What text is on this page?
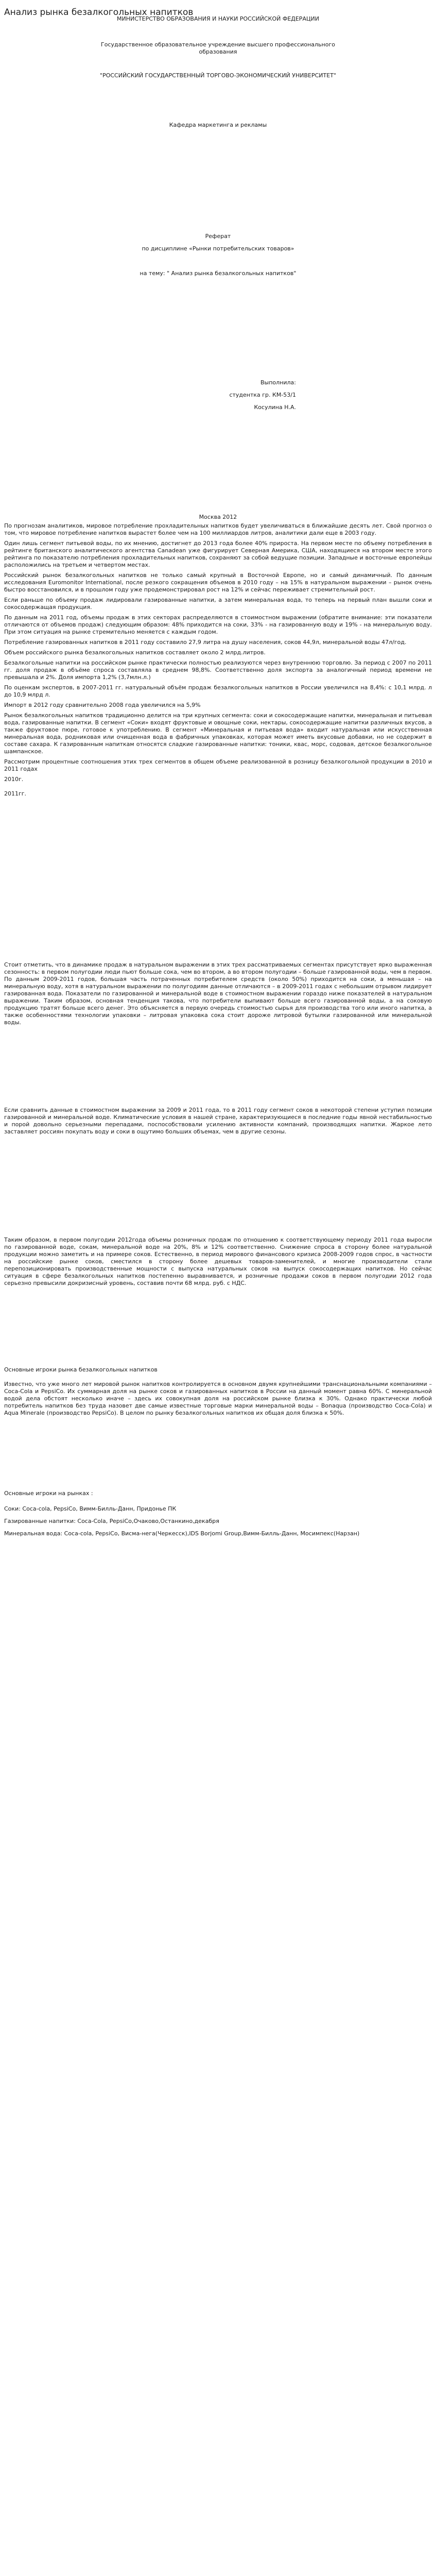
Анализ рынка безалкогольных напитков
МИНИСТЕРСТВО ОБРАЗОВАНИЯ И НАУКИ РОССИЙСКОЙ ФЕДЕРАЦИИ
Государственное образовательное учреждение высшего профессионального
образования
"РОССИЙСКИЙ ГОСУДАРСТВЕННЫЙ ТОРГОВО-ЭКОНОМИЧЕСКИЙ УНИВЕРСИТЕТ"
Кафедра маркетинга и рекламы
Реферат
по дисциплине «Рынки потребительских товаров»
на тему: " Анализ рынка безалкогольных напитков"
Выполнила:
студентка гр. КМ-53/1
Косулина Н.А.
Москва 2012

По прогнозам аналитиков, мировое потребление прохладительных напитков будет увеличиваться в ближайшие десять лет. Свой прогноз о том, что мировое потребление напитков вырастет более чем на 100 миллиардов литров, аналитики дали еще в 2003 году.

Один лишь сегмент питьевой воды, по их мнению, достигнет до 2013 года более 40% прироста. На первом месте по объему потребления в рейтинге британского аналитического агентства Canadean уже фигурирует Северная Америка, США, находящиеся на втором месте этого рейтинга по показателю потребления прохладительных напитков, сохраняют за собой ведущие позиции. Западные и восточные европейцы расположились на третьем и четвертом местах.

Российский рынок безалкогольных напитков не только самый крупный в Восточной Европе, но и самый динамичный. По данным исследования Euromonitor International, после резкого сокращения объемов в 2010 году – на 15% в натуральном выражении – рынок очень быстро восстановился, и в прошлом году уже продемонстрировал рост на 12% и сейчас переживает стремительный рост.

Если раньше по объему продаж лидировали газированные напитки, а затем минеральная вода, то теперь на первый план вышли соки и сокосодержащая продукция.

По данным на 2011 год, объемы продаж в этих секторах распределяются в стоимостном выражении (обратите внимание: эти показатели отличаются от объемов продаж) следующим образом: 48% приходится на соки, 33% - на газированную воду и 19% - на минеральную воду. При этом ситуация на рынке стремительно меняется с каждым годом.

Потребление газированных напитков в 2011 году составило 27,9 литра на душу населения, соков 44,9л, минеральной воды 47л/год.

Объем российского рынка безалкогольных напитков составляет около 2 млрд.литров.

Безалкогольные напитки на российском рынке практически полностью реализуются через внутреннюю торговлю. За период с 2007 по 2011 гг. доля продаж в объёме спроса составляла в среднем 98,8%. Соответственно доля экспорта за аналогичный период времени не превышала и 2%. Доля импорта 1,2% (3,7млн.л.)

По оценкам экспертов, в 2007-2011 гг. натуральный объём продаж безалкогольных напитков в России увеличился на 8,4%: с 10,1 млрд. л до 10,9 млрд л.

Импорт в 2012 году сравнительно 2008 года увеличился на 5,9%

Рынок безалкогольных напитков традиционно делится на три крупных сегмента: соки и сокосодержащие напитки, минеральная и питьевая вода, газированные напитки. В сегмент «Соки» входят фруктовые и овощные соки, нектары, сокосодержащие напитки различных вкусов, а также фруктовое пюре, готовое к употреблению. В сегмент «Минеральная и питьевая вода» входит натуральная или искусственная минеральная вода, родниковая или очищенная вода в фабричных упаковках, которая может иметь вкусовые добавки, но не содержит в составе сахара. К газированным напиткам относятся сладкие газированные напитки: тоники, квас, морс, содовая, детское безалкогольное шампанское.

Рассмотрим процентные соотношения этих трех сегментов в общем объеме реализованной в розницу безалкогольной продукции в 2010 и 2011 годах

2010г.

2011гг.

Стоит отметить, что в динамике продаж в натуральном выражении в этих трех рассматриваемых сегментах присутствует ярко выраженная сезонность: в первом полугодии люди пьют больше сока, чем во втором, а во втором полугодии – больше газированной воды, чем в первом. По данным 2009-2011 годов, большая часть потраченных потребителем средств (около 50%) приходится на соки, а меньшая – на минеральную воду, хотя в натуральном выражении по полугодиям данные отличаются – в 2009-2011 годах с небольшим отрывом лидирует газированная вода. Показатели по газированной и минеральной воде в стоимостном выражении гораздо ниже показателей в натуральном выражении. Таким образом, основная тенденция такова, что потребители выпивают больше всего газированной воды, а на соковую продукцию тратят больше всего денег. Это объясняется в первую очередь стоимостью сырья для производства того или иного напитка, а также особенностями технологии упаковки – литровая упаковка сока стоит дороже литровой бутылки газированной или минеральной воды.
Если сравнить данные в стоимостном выражении за 2009 и 2011 года, то в 2011 году сегмент соков в некоторой степени уступил позиции газированной и минеральной воде. Климатические условия в нашей стране, характеризующиеся в последние годы явной нестабильностью и порой довольно серьезными перепадами, поспособствовали усилению активности компаний, производящих напитки. Жаркое лето заставляет россиян покупать воду и соки в ощутимо больших объемах, чем в другие сезоны.
Таким образом, в первом полугодии 2012года объемы розничных продаж по отношению к соответствующему периоду 2011 года выросли по газированной воде, сокам, минеральной воде на 20%, 8% и 12% соответственно. Снижение спроса в сторону более натуральной продукции можно заметить и на примере соков. Естественно, в период мирового финансового кризиса 2008-2009 годов спрос, в частности на российские рынке соков, сместился в сторону более дешевых товаров-заменителей, и многие производители стали перепозиционировать производственные мощности с выпуска натуральных соков на выпуск сокосодержащих напитков. Но сейчас ситуация в сфере безалкогольных напитков постепенно выравнивается, и розничные продажи соков в первом полугодии 2012 года серьезно превысили докризисный уровень, составив почти 68 млрд. руб. с НДС.
Основные игроки рынка безалкогольных напитков
Известно, что уже много лет мировой рынок напитков контролируется в основном двумя крупнейшими транснациональными компаниями – Coca-Cola и PepsiCo. Их суммарная доля на рынке соков и газированных напитков в России на данный момент равна 60%. С минеральной водой дела обстоят несколько иначе – здесь их совокупная доля на российском рынке близка к 30%. Однако практически любой потребитель напитков без труда назовет две самые известные торговые марки минеральной воды – Bonaqua (производство Coca-Cola) и Aqua Minerale (производство PepsiCo). В целом по рынку безалкогольных напитков их общая доля близка к 50%.
Основные игроки на рынках :
Соки: Coca-cola, PepsiCo, Вимм-Билль-Данн, Придонье ПК
Газированные напитки: Coca-Cola, PepsiCo,Очаково,Останкино,декабря
Минеральная вода: Coca-cola, PepsiCo, Висма-нега(Черкесск),IDS Borjomi Group,Вимм-Билль-Данн, Мосимпекс(Нарзан)
